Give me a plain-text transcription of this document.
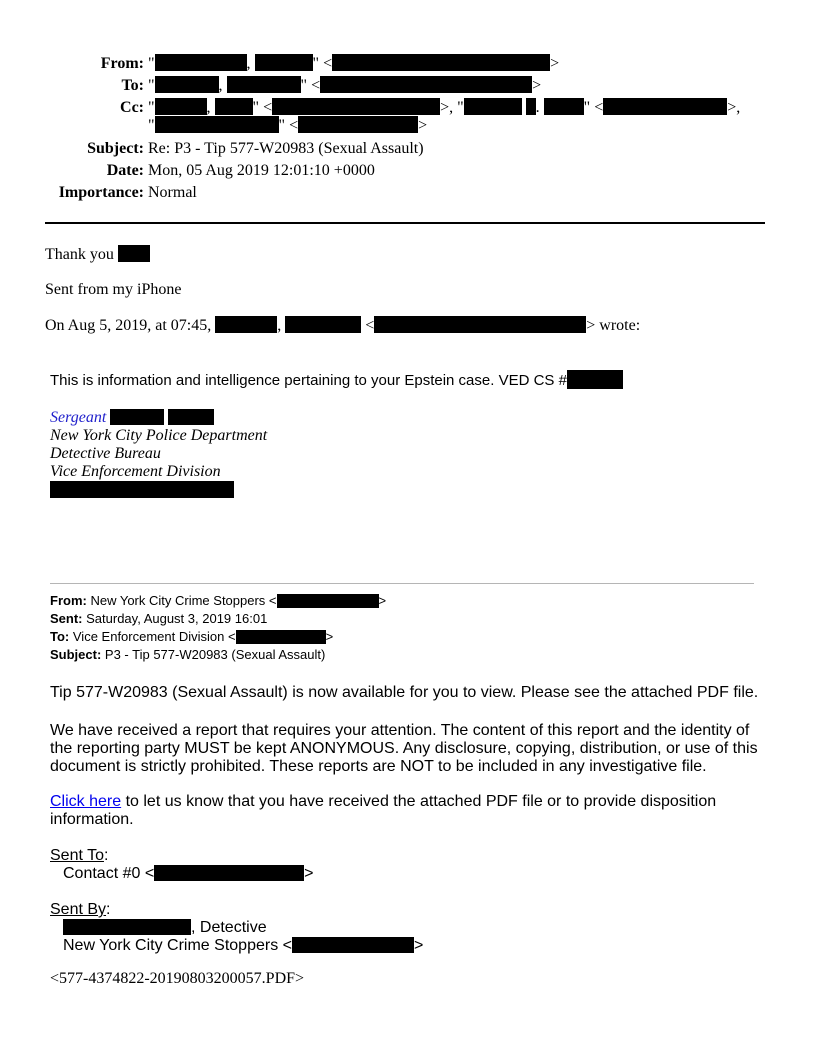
From: "	,	" <	>
To: "	,	" <	>
Cc: "	, " <	>, "	.	" <	>,
"	" <	>
Subject: Re: P3 - Tip 577-W20983 (Sexual Assault)
Date: Mon, 05 Aug 2019 12:01:10 +0000
Importance: Normal
Thank you
Sent from my iPhone
On Aug 5, 2019, at 07:45,	,	<	> wrote:
This is information and intelligence pertaining to your Epstein case. VED CS #
Sergeant
New York City Police Department
Detective Bureau
Vice Enforcement Division
From: New York City Crime Stoppers <	>
Sent: Saturday, August 3, 2019 16:01
To: Vice Enforcement Division <	>
Subject: P3 - Tip 577-W20983 (Sexual Assault)
Tip 577-W20983 (Sexual Assault) is now available for you to view. Please see the attached PDF file.
We have received a report that requires your attention. The content of this report and the identity of
the reporting party MUST be kept ANONYMOUS. Any disclosure, copying, distribution, or use of this
document is strictly prohibited. These reports are NOT to be included in any investigative file.
Click here to let us know that you have received the attached PDF file or to provide disposition
information.
Sent To:
Contact #0 <	>
Sent By:
, Detective
New York City Crime Stoppers <	>
<577-4374822-20190803200057.PDF>
